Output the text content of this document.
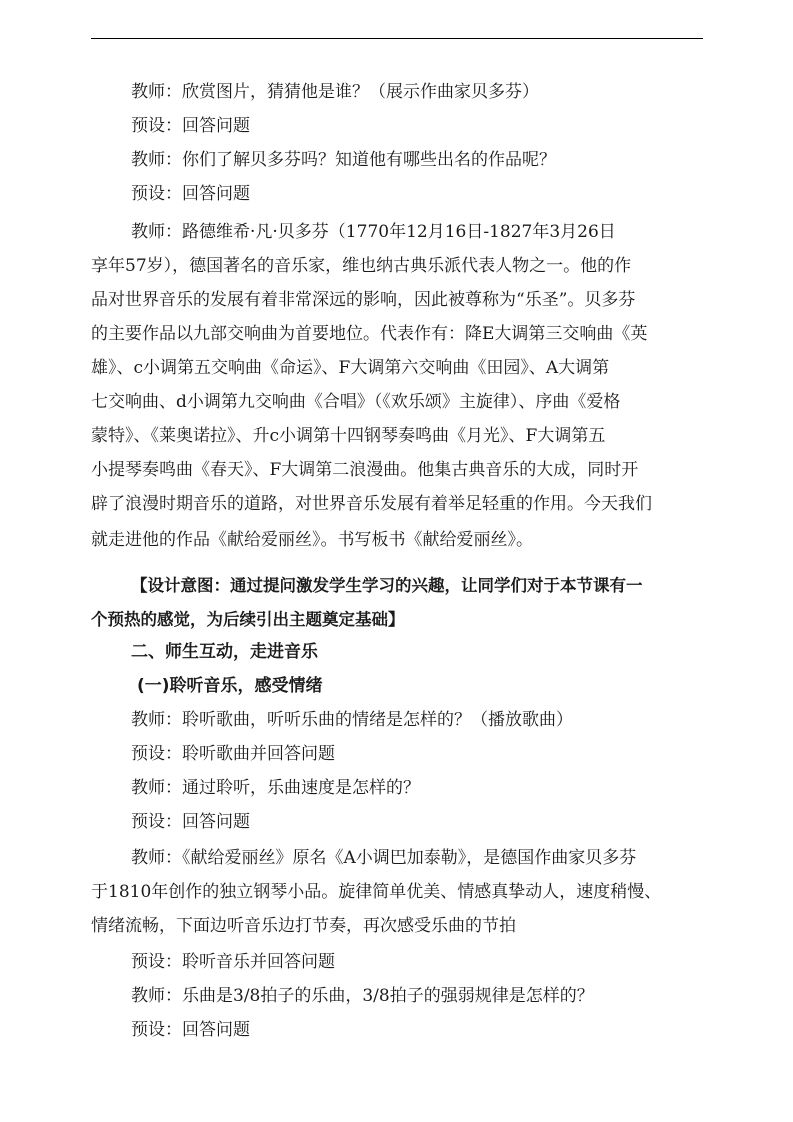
教师：欣赏图片，猜猜他是谁？（展示作曲家贝多芬）
预设：回答问题
教师：你们了解贝多芬吗？知道他有哪些出名的作品呢？
预设：回答问题
教师：路德维希·凡·贝多芬（1770年12月16日-1827年3月26日
享年57岁），德国著名的音乐家，维也纳古典乐派代表人物之一。他的作
品对世界音乐的发展有着非常深远的影响，因此被尊称为“乐圣”。贝多芬
的主要作品以九部交响曲为首要地位。代表作有：降E大调第三交响曲《英
雄》、c小调第五交响曲《命运》、F大调第六交响曲《田园》、A大调第
七交响曲、d小调第九交响曲《合唱》（《欢乐颂》主旋律）、序曲《爱格
蒙特》、《莱奥诺拉》、升c小调第十四钢琴奏鸣曲《月光》、F大调第五
小提琴奏鸣曲《春天》、F大调第二浪漫曲。他集古典音乐的大成，同时开
辟了浪漫时期音乐的道路，对世界音乐发展有着举足轻重的作用。今天我们
就走进他的作品《献给爱丽丝》。书写板书《献给爱丽丝》。
【设计意图：通过提问激发学生学习的兴趣，让同学们对于本节课有一
个预热的感觉，为后续引出主题奠定基础】
二、师生互动，走进音乐
(一)聆听音乐，感受情绪
教师：聆听歌曲，听听乐曲的情绪是怎样的？（播放歌曲）
预设：聆听歌曲并回答问题
教师：通过聆听，乐曲速度是怎样的？
预设：回答问题
教师：《献给爱丽丝》原名《A小调巴加泰勒》，是德国作曲家贝多芬
于1810年创作的独立钢琴小品。旋律简单优美、情感真挚动人，速度稍慢、
情绪流畅，下面边听音乐边打节奏，再次感受乐曲的节拍
预设：聆听音乐并回答问题
教师：乐曲是3/8拍子的乐曲，3/8拍子的强弱规律是怎样的？
预设：回答问题
